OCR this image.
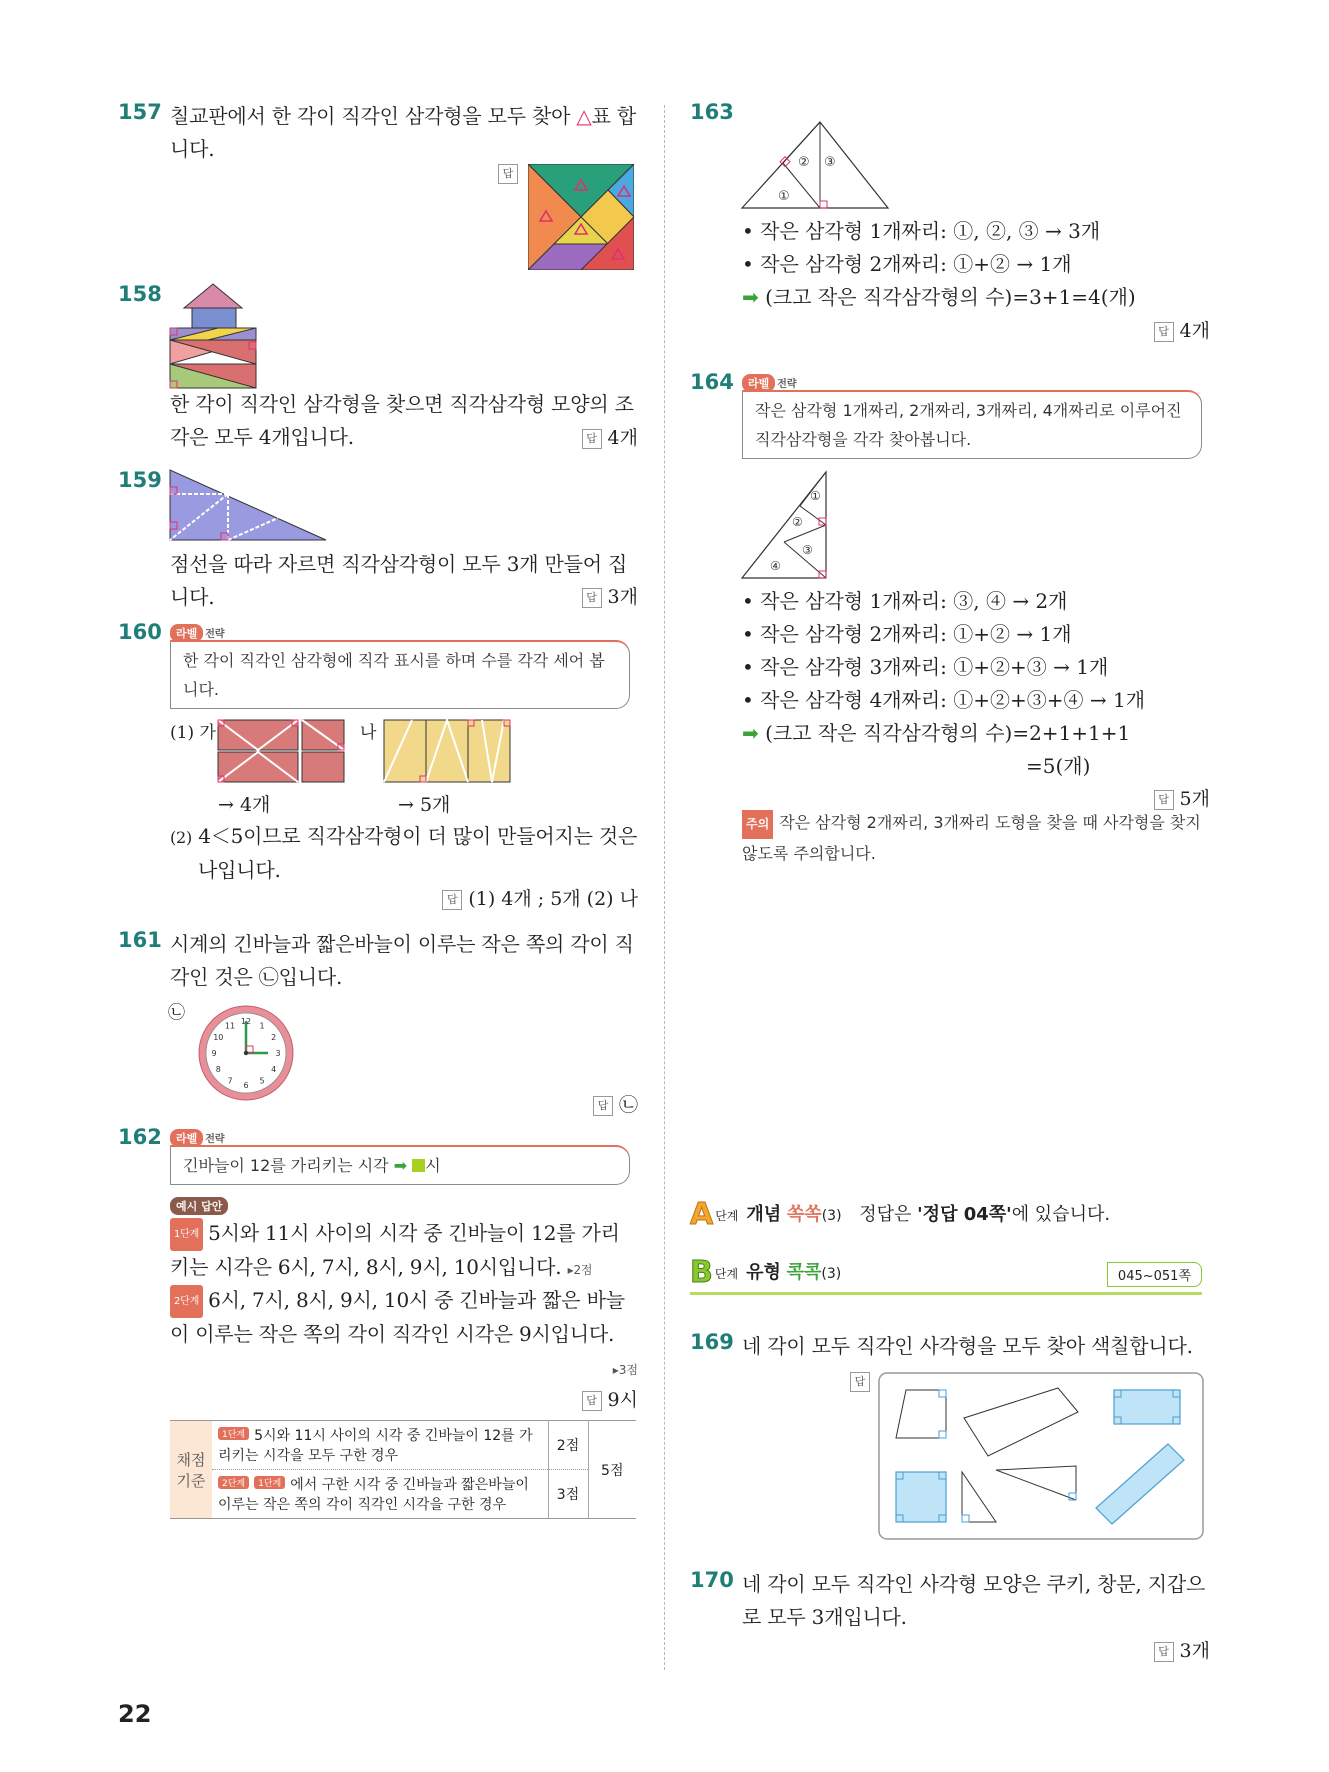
157 칠교판에서 한 각이 직각인 삼각형을 모두 찾아 △표 합니다.
답
158
한 각이 직각인 삼각형을 찾으면 직각삼각형 모양의 조각은 모두 4개입니다.	답 4개
159
점선을 따라 자르면 직각삼각형이 모두 3개 만들어 집니다.	답 3개
160	라벨 전략
한 각이 직각인 삼각형에 직각 표시를 하며 수를 각각 세어 봅니다.
(1) 가	나
→ 4개	→ 5개
(2) 4＜5이므로 직각삼각형이 더 많이 만들어지는 것은 나입니다.
답 (1) 4개 ; 5개 (2) 나
161 시계의 긴바늘과 짧은바늘이 이루는 작은 쪽의 각이 직각인 것은 ㉡입니다.
㉡	12 1
2
3
4
5
6
7
8
9
10
11
답 ㉡
162	라벨 전략
긴바늘이 12를 가리키는 시각 ➡ 시
예시 답안
1단계 5시와 11시 사이의 시각 중 긴바늘이 12를 가리키는 시각은 6시, 7시, 8시, 9시, 10시입니다. ▸2점
2단계 6시, 7시, 8시, 9시, 10시 중 긴바늘과 짧은 바늘이 이루는 작은 쪽의 각이 직각인 시각은 9시입니다.
▸3점
답 9시
채점 기준	1단계 5시와 11시 사이의 시각 중 긴바늘이 12를 가리키는 시각을 모두 구한 경우	2점	5점
	2단계 1단계 에서 구한 시각 중 긴바늘과 짧은바늘이 이루는 작은 쪽의 각이 직각인 시각을 구한 경우	3점	
163
①
② ③
• 작은 삼각형 1개짜리: ①, ②, ③ → 3개
• 작은 삼각형 2개짜리: ①+② → 1개
➡ (크고 작은 직각삼각형의 수)=3+1=4(개)
답 4개
164	라벨 전략
작은 삼각형 1개짜리, 2개짜리, 3개짜리, 4개짜리로 이루어진 직각삼각형을 각각 찾아봅니다.
①
②
③
④
• 작은 삼각형 1개짜리: ③, ④ → 2개
• 작은 삼각형 2개짜리: ①+② → 1개
• 작은 삼각형 3개짜리: ①+②+③ → 1개
• 작은 삼각형 4개짜리: ①+②+③+④ → 1개
➡ (크고 작은 직각삼각형의 수)=2+1+1+1
=5(개)
답 5개
주의 작은 삼각형 2개짜리, 3개짜리 도형을 찾을 때 사각형을 찾지 않도록 주의합니다.
A단계 개념 쏙쏙(3) 정답은 '정답 04쪽'에 있습니다.
B단계 유형 콕콕(3)	045~051쪽
169 네 각이 모두 직각인 사각형을 모두 찾아 색칠합니다.
답
170 네 각이 모두 직각인 사각형 모양은 쿠키, 창문, 지갑으로 모두 3개입니다.
답 3개
22
